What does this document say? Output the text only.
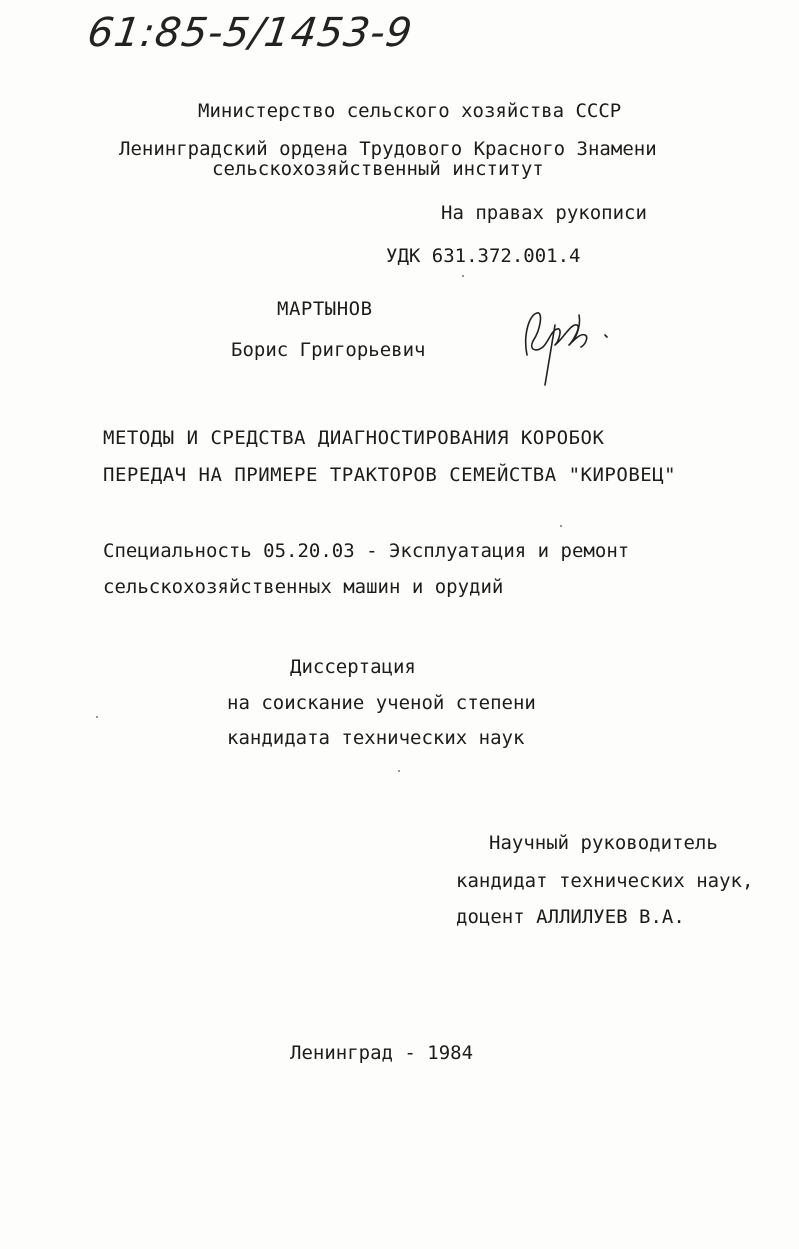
61:85-5/1453-9
Министерство сельского хозяйства СССР
Ленинградский ордена Трудового Красного Знамени
сельскохозяйственный институт
На правах рукописи
УДК 631.372.001.4
МАРТЫНОВ
Борис Григорьевич
МЕТОДЫ И СРЕДСТВА ДИАГНОСТИРОВАНИЯ КОРОБОК
ПЕРЕДАЧ НА ПРИМЕРЕ ТРАКТОРОВ СЕМЕЙСТВА "КИРОВЕЦ"
Специальность 05.20.03 - Эксплуатация и ремонт
сельскохозяйственных машин и орудий
Диссертация
на соискание ученой степени
кандидата технических наук
Научный руководитель
кандидат технических наук,
доцент АЛЛИЛУЕВ В.А.
Ленинград - 1984
